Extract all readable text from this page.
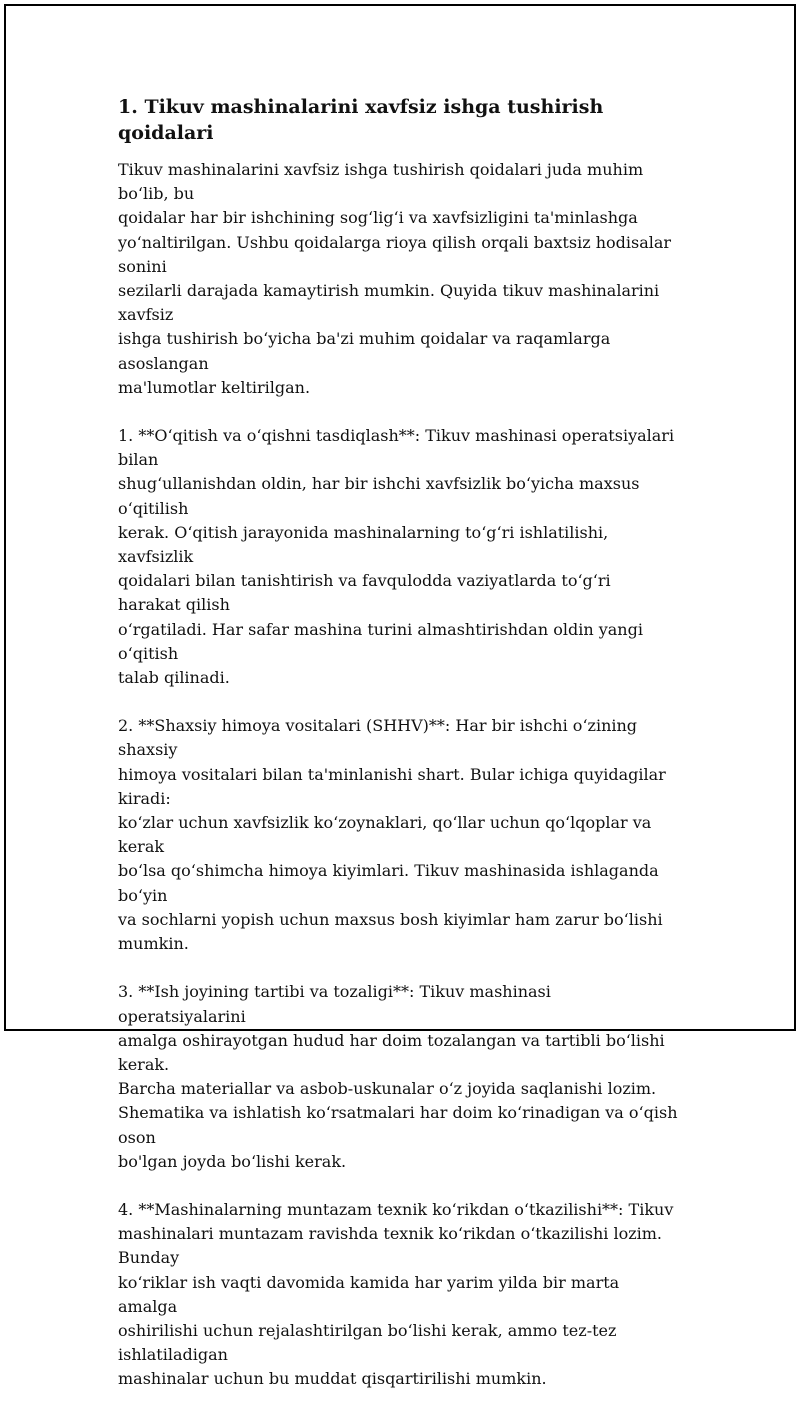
1. Tikuv mashinalarini xavfsiz ishga tushirish qoidalari

Tikuv mashinalarini xavfsiz ishga tushirish qoidalari juda muhim boʻlib, bu
qoidalar har bir ishchining sogʻligʻi va xavfsizligini ta'minlashga
yoʻnaltirilgan. Ushbu qoidalarga rioya qilish orqali baxtsiz hodisalar sonini
sezilarli darajada kamaytirish mumkin. Quyida tikuv mashinalarini xavfsiz
ishga tushirish boʻyicha ba'zi muhim qoidalar va raqamlarga asoslangan
ma'lumotlar keltirilgan.

1. **Oʻqitish va oʻqishni tasdiqlash**: Tikuv mashinasi operatsiyalari bilan
shugʻullanishdan oldin, har bir ishchi xavfsizlik boʻyicha maxsus oʻqitilish
kerak. Oʻqitish jarayonida mashinalarning toʻgʻri ishlatilishi, xavfsizlik
qoidalari bilan tanishtirish va favqulodda vaziyatlarda toʻgʻri harakat qilish
oʻrgatiladi. Har safar mashina turini almashtirishdan oldin yangi oʻqitish
talab qilinadi.

2. **Shaxsiy himoya vositalari (SHHV)**: Har bir ishchi oʻzining shaxsiy
himoya vositalari bilan ta'minlanishi shart. Bular ichiga quyidagilar kiradi:
koʻzlar uchun xavfsizlik koʻzoynaklari, qoʻllar uchun qoʻlqoplar va kerak
boʻlsa qoʻshimcha himoya kiyimlari. Tikuv mashinasida ishlaganda boʻyin
va sochlarni yopish uchun maxsus bosh kiyimlar ham zarur boʻlishi
mumkin.

3. **Ish joyining tartibi va tozaligi**: Tikuv mashinasi operatsiyalarini
amalga oshirayotgan hudud har doim tozalangan va tartibli boʻlishi kerak.
Barcha materiallar va asbob-uskunalar oʻz joyida saqlanishi lozim.
Shematika va ishlatish koʻrsatmalari har doim koʻrinadigan va oʻqish oson
bo'lgan joyda boʻlishi kerak.

4. **Mashinalarning muntazam texnik koʻrikdan oʻtkazilishi**: Tikuv
mashinalari muntazam ravishda texnik koʻrikdan oʻtkazilishi lozim. Bunday
koʻriklar ish vaqti davomida kamida har yarim yilda bir marta amalga
oshirilishi uchun rejalashtirilgan boʻlishi kerak, ammo tez-tez ishlatiladigan
mashinalar uchun bu muddat qisqartirilishi mumkin.
